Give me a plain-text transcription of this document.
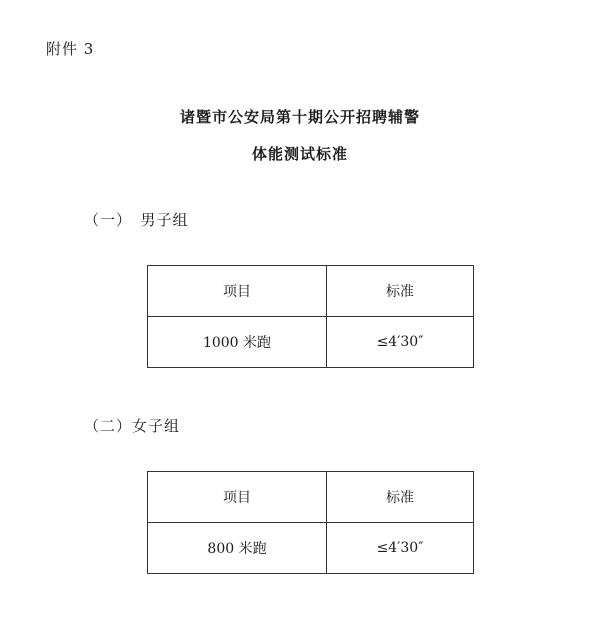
附件 3
诸暨市公安局第十期公开招聘辅警
体能测试标准
（一）　男子组
项目	标准
1000 米跑	≤4′30″
（二）女子组
项目	标准
800 米跑	≤4′30″
